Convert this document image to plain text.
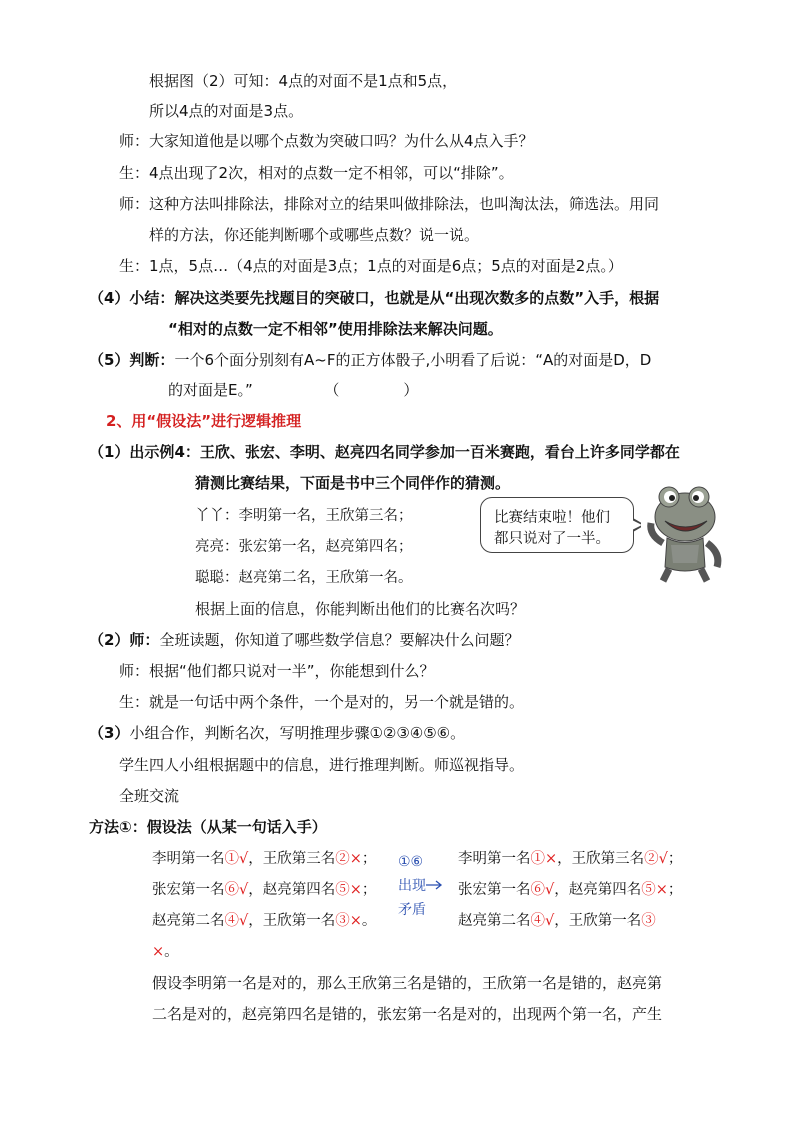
根据图（2）可知：4点的对面不是1点和5点，
所以4点的对面是3点。
师：大家知道他是以哪个点数为突破口吗？为什么从4点入手？
生：4点出现了2次，相对的点数一定不相邻，可以“排除”。
师：这种方法叫排除法，排除对立的结果叫做排除法，也叫淘汰法，筛选法。用同
样的方法，你还能判断哪个或哪些点数？说一说。
生：1点，5点…（4点的对面是3点；1点的对面是6点；5点的对面是2点。）
（4）小结：解决这类要先找题目的突破口，也就是从“出现次数多的点数”入手，根据
“相对的点数一定不相邻”使用排除法来解决问题。
（5）判断：一个6个面分别刻有A~F的正方体骰子,小明看了后说：“A的对面是D，D
的对面是E。”	（	）
2、用“假设法”进行逻辑推理
（1）出示例4：王欣、张宏、李明、赵亮四名同学参加一百米赛跑，看台上许多同学都在
猜测比赛结果，下面是书中三个同伴作的猜测。
丫丫：李明第一名，王欣第三名；
亮亮：张宏第一名，赵亮第四名；
聪聪：赵亮第二名，王欣第一名。
比赛结束啦！他们
都只说对了一半。
根据上面的信息，你能判断出他们的比赛名次吗？
（2）师：全班读题，你知道了哪些数学信息？要解决什么问题？
师：根据“他们都只说对一半”，你能想到什么？
生：就是一句话中两个条件，一个是对的，另一个就是错的。
（3）小组合作，判断名次，写明推理步骤①②③④⑤⑥。
学生四人小组根据题中的信息，进行推理判断。师巡视指导。
全班交流
方法①：假设法（从某一句话入手）
李明第一名①√，王欣第三名②×；
张宏第一名⑥√，赵亮第四名⑤×；
赵亮第二名④√，王欣第一名③×。
①⑥
出现
矛盾
李明第一名①×，王欣第三名②√；
张宏第一名⑥√，赵亮第四名⑤×；
赵亮第二名④√，王欣第一名③
×。
假设李明第一名是对的，那么王欣第三名是错的，王欣第一名是错的，赵亮第
二名是对的，赵亮第四名是错的，张宏第一名是对的，出现两个第一名，产生
